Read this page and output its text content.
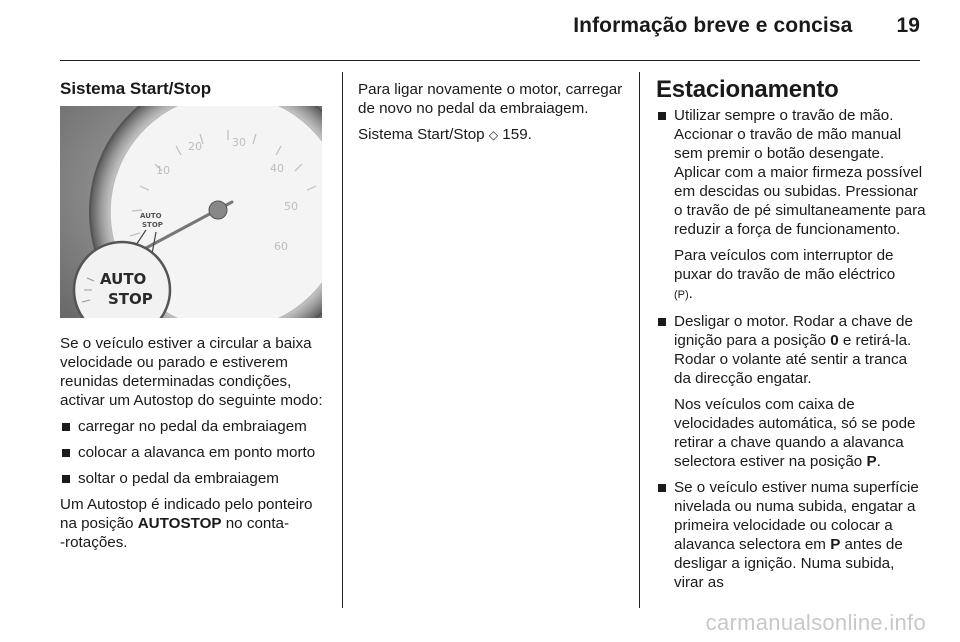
Informação breve e concisa 19

Sistema Start/Stop

10
20	30
40
50
60
AUTO
STOP
AUTO
STOP

Se o veículo estiver a circular a baixa velocidade ou parado e estiverem reunidas determinadas condições, activar um Autostop do seguinte modo:

carregar no pedal da embraiagem
colocar a alavanca em ponto morto
soltar o pedal da embraiagem

Um Autostop é indicado pelo ponteiro na posição AUTOSTOP no conta-
-rotações.

Para ligar novamente o motor, carregar de novo no pedal da embraiagem.

Sistema Start/Stop ◇ 159.

Estacionamento

Utilizar sempre o travão de mão. Accionar o travão de mão manual sem premir o botão desengate. Aplicar com a maior firmeza possível em descidas ou subidas. Pressionar o travão de pé simultaneamente para reduzir a força de funcionamento.

Para veículos com interruptor de puxar do travão de mão eléctrico
(P).

Desligar o motor. Rodar a chave de ignição para a posição 0 e retirá-la. Rodar o volante até sentir a tranca da direcção engatar.

Nos veículos com caixa de velocidades automática, só se pode retirar a chave quando a alavanca selectora estiver na posição P.

Se o veículo estiver numa superfície nivelada ou numa subida, engatar a primeira velocidade ou colocar a alavanca selectora em P antes de desligar a ignição. Numa subida, virar as

carmanualsonline.info
